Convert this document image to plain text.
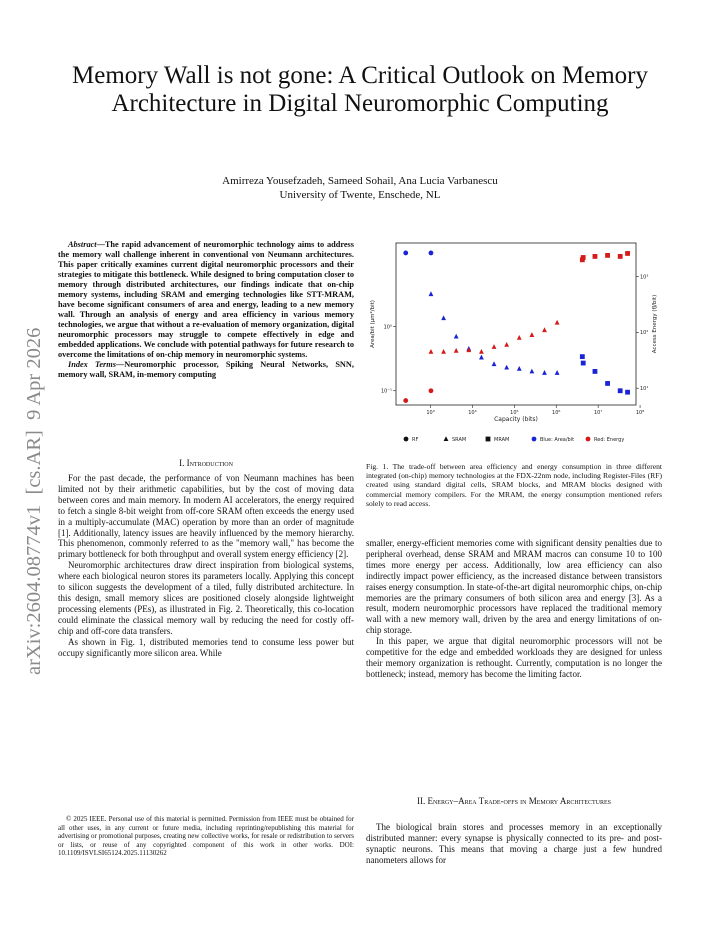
arXiv:2604.08774v1  [cs.AR]  9 Apr 2026
Memory Wall is not gone: A Critical Outlook on Memory Architecture in Digital Neuromorphic Computing
Amirreza Yousefzadeh, Sameed Sohail, Ana Lucia Varbanescu
University of Twente, Enschede, NL

Abstract—The rapid advancement of neuromorphic technology aims to address the memory wall challenge inherent in conventional von Neumann architectures. This paper critically examines current digital neuromorphic processors and their strategies to mitigate this bottleneck. While designed to bring computation closer to memory through distributed architectures, our findings indicate that on-chip memory systems, including SRAM and emerging technologies like STT-MRAM, have become significant consumers of area and energy, leading to a new memory wall. Through an analysis of energy and area efficiency in various memory technologies, we argue that without a re-evaluation of memory organization, digital neuromorphic processors may struggle to compete effectively in edge and embedded applications. We conclude with potential pathways for future research to overcome the limitations of on-chip memory in neuromorphic systems.

Index Terms—Neuromorphic processor, Spiking Neural Networks, SNN, memory wall, SRAM, in-memory computing

I. Introduction

For the past decade, the performance of von Neumann machines has been limited not by their arithmetic capabilities, but by the cost of moving data between cores and main memory. In modern AI accelerators, the energy required to fetch a single 8-bit weight from off-core SRAM often exceeds the energy used in a multiply-accumulate (MAC) operation by more than an order of magnitude [1]. Additionally, latency issues are heavily influenced by the memory hierarchy. This phenomenon, commonly referred to as the "memory wall," has become the primary bottleneck for both throughput and overall system energy efficiency [2].

Neuromorphic architectures draw direct inspiration from biological systems, where each biological neuron stores its parameters locally. Applying this concept to silicon suggests the development of a tiled, fully distributed architecture. In this design, small memory slices are positioned closely alongside lightweight processing elements (PEs), as illustrated in Fig. 2. Theoretically, this co-location could eliminate the classical memory wall by reducing the need for costly off-chip and off-core data transfers.

As shown in Fig. 1, distributed memories tend to consume less power but occupy significantly more silicon area. While

© 2025 IEEE. Personal use of this material is permitted. Permission from IEEE must be obtained for all other uses, in any current or future media, including reprinting/republishing this material for advertising or promotional purposes, creating new collective works, for resale or redistribution to servers or lists, or reuse of any copyrighted component of this work in other works. DOI: 10.1109/ISVLSI65124.2025.11130262

10³	10⁴	10⁵	10⁶	10⁷	10⁸
10⁻¹
10⁰
10¹
10²
10³
Capacity (bits)
Area/bit (μm²/bit)	Access Energy (fJ/bit)
RF	SRAM	MRAM	Blue: Area/bit	Red: Energy
Fig. 1. The trade-off between area efficiency and energy consumption in three different integrated (on-chip) memory technologies at the FDX-22nm node, including Register-Files (RF) created using standard digital cells, SRAM blocks, and MRAM blocks designed with commercial memory compilers. For the MRAM, the energy consumption mentioned refers solely to read access.

smaller, energy-efficient memories come with significant density penalties due to peripheral overhead, dense SRAM and MRAM macros can consume 10 to 100 times more energy per access. Additionally, low area efficiency can also indirectly impact power efficiency, as the increased distance between transistors raises energy consumption. In state-of-the-art digital neuromorphic chips, on-chip memories are the primary consumers of both silicon area and energy [3]. As a result, modern neuromorphic processors have replaced the traditional memory wall with a new memory wall, driven by the area and energy limitations of on-chip storage.

In this paper, we argue that digital neuromorphic processors will not be competitive for the edge and embedded workloads they are designed for unless their memory organization is rethought. Currently, computation is no longer the bottleneck; instead, memory has become the limiting factor.

II. Energy–Area Trade-offs in Memory Architectures

The biological brain stores and processes memory in an exceptionally distributed manner: every synapse is physically connected to its pre- and post-synaptic neurons. This means that moving a charge just a few hundred nanometers allows for
